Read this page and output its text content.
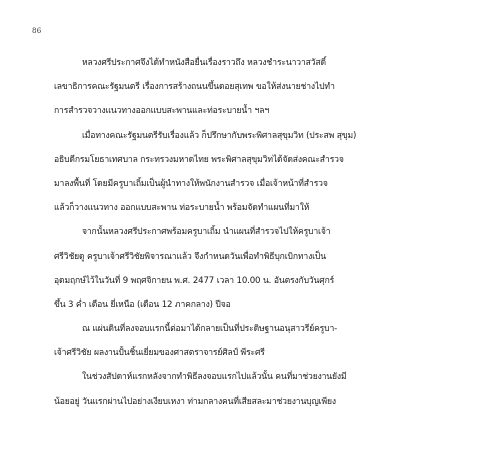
86
หลวงศรีประกาศจึงได้ทำหนังสือยื่นเรื่องราวถึง หลวงชำระนาวาสวัสดิ์
เลขาธิการคณะรัฐมนตรี เรื่องการสร้างถนนขึ้นดอยสุเทพ ขอให้ส่งนายช่างไปทำ
การสำรวจวางแนวทางออกแบบสะพานและท่อระบายน้ำ ฯลฯ
เมื่อทางคณะรัฐมนตรีรับเรื่องแล้ว ก็ปรึกษากับพระพิศาลสุขุมวิท (ประสพ สุขุม)
อธิบดีกรมโยธาเทศบาล กระทรวงมหาดไทย พระพิศาลสุขุมวิทได้จัดส่งคณะสำรวจ
มาลงพื้นที่ โดยมีครูบาเถิ้มเป็นผู้นำทางให้พนักงานสำรวจ เมื่อเจ้าหน้าที่สำรวจ
แล้วก็วางแนวทาง ออกแบบสะพาน ท่อระบายน้ำ พร้อมจัดทำแผนที่มาให้
จากนั้นหลวงศรีประกาศพร้อมครูบาเถิ้ม นำแผนที่สำรวจไปให้ครูบาเจ้า
ศรีวิชัยดู ครูบาเจ้าศรีวิชัยพิจารณาแล้ว จึงกำหนดวันเพื่อทำพิธีบุกเบิกทางเป็น
อุดมฤกษ์ไว้ในวันที่ 9 พฤศจิกายน พ.ศ. 2477 เวลา 10.00 น. อันตรงกับวันศุกร์
ขึ้น 3 ค่ำ เดือน ยี่เหนือ (เดือน 12 ภาคกลาง) ปีจอ
ณ แผ่นดินที่ลงจอบแรกนี้ต่อมาได้กลายเป็นที่ประดิษฐานอนุสาวรีย์ครูบา-
เจ้าศรีวิชัย ผลงานปั้นชิ้นเยี่ยมของศาสตราจารย์ศิลป์ พีระศรี
ในช่วงสัปดาห์แรกหลังจากทำพิธีลงจอบแรกไปแล้วนั้น คนที่มาช่วยงานยังมี
น้อยอยู่ วันแรกผ่านไปอย่างเงียบเหงา ท่ามกลางคนที่เสียสละมาช่วยงานบุญเพียง
